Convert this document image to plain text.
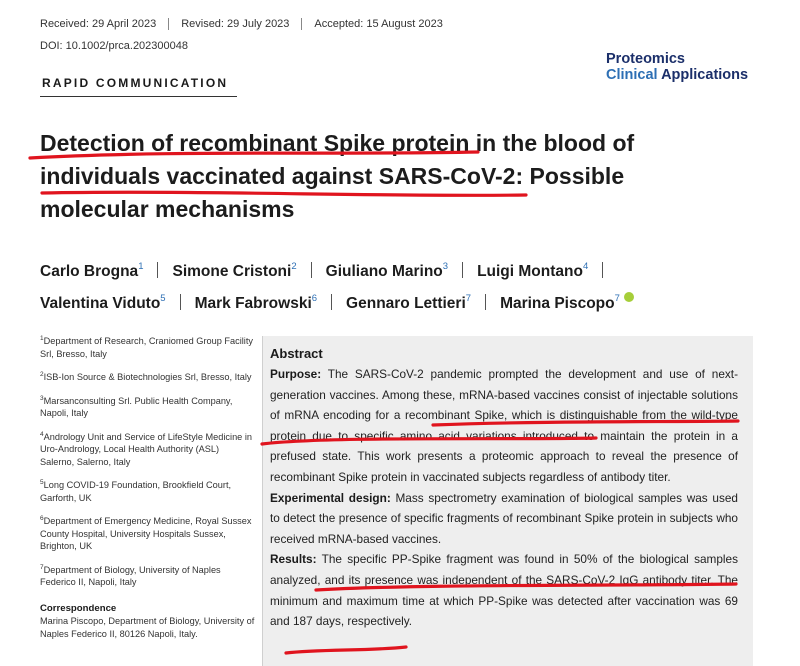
Received: 29 April 2023 Revised: 29 July 2023 Accepted: 15 August 2023
DOI: 10.1002/prca.202300048
Proteomics
Clinical Applications
RAPID COMMUNICATION
Detection of recombinant Spike protein in the blood of individuals vaccinated against SARS-CoV-2: Possible molecular mechanisms
Carlo Brogna$^1$ Simone Cristoni$^2$ Giuliano Marino$^3$ Luigi Montano$^4$
Valentina Viduto$^5$ Mark Fabrowski$^6$ Gennaro Lettieri$^7$ Marina Piscopo$^7$
$^1$Department of Research, Craniomed Group Facility Srl, Bresso, Italy
$^2$ISB-Ion Source & Biotechnologies Srl, Bresso, Italy
$^3$Marsanconsulting Srl. Public Health Company, Napoli, Italy
$^4$Andrology Unit and Service of LifeStyle Medicine in Uro-Andrology, Local Health Authority (ASL) Salerno, Salerno, Italy
$^5$Long COVID-19 Foundation, Brookfield Court, Garforth, UK
$^6$Department of Emergency Medicine, Royal Sussex County Hospital, University Hospitals Sussex, Brighton, UK
$^7$Department of Biology, University of Naples Federico II, Napoli, Italy
Correspondence
Marina Piscopo, Department of Biology, University of Naples Federico II, 80126 Napoli, Italy.
Abstract

Purpose: The SARS-CoV-2 pandemic prompted the development and use of next-generation vaccines. Among these, mRNA-based vaccines consist of injectable solutions of mRNA encoding for a recombinant Spike, which is distinguishable from the wild-type protein due to specific amino acid variations introduced to maintain the protein in a prefused state. This work presents a proteomic approach to reveal the presence of recombinant Spike protein in vaccinated subjects regardless of antibody titer.

Experimental design: Mass spectrometry examination of biological samples was used to detect the presence of specific fragments of recombinant Spike protein in subjects who received mRNA-based vaccines.

Results: The specific PP-Spike fragment was found in 50% of the biological samples analyzed, and its presence was independent of the SARS-CoV-2 IgG antibody titer. The minimum and maximum time at which PP-Spike was detected after vaccination was 69 and 187 days, respectively.
